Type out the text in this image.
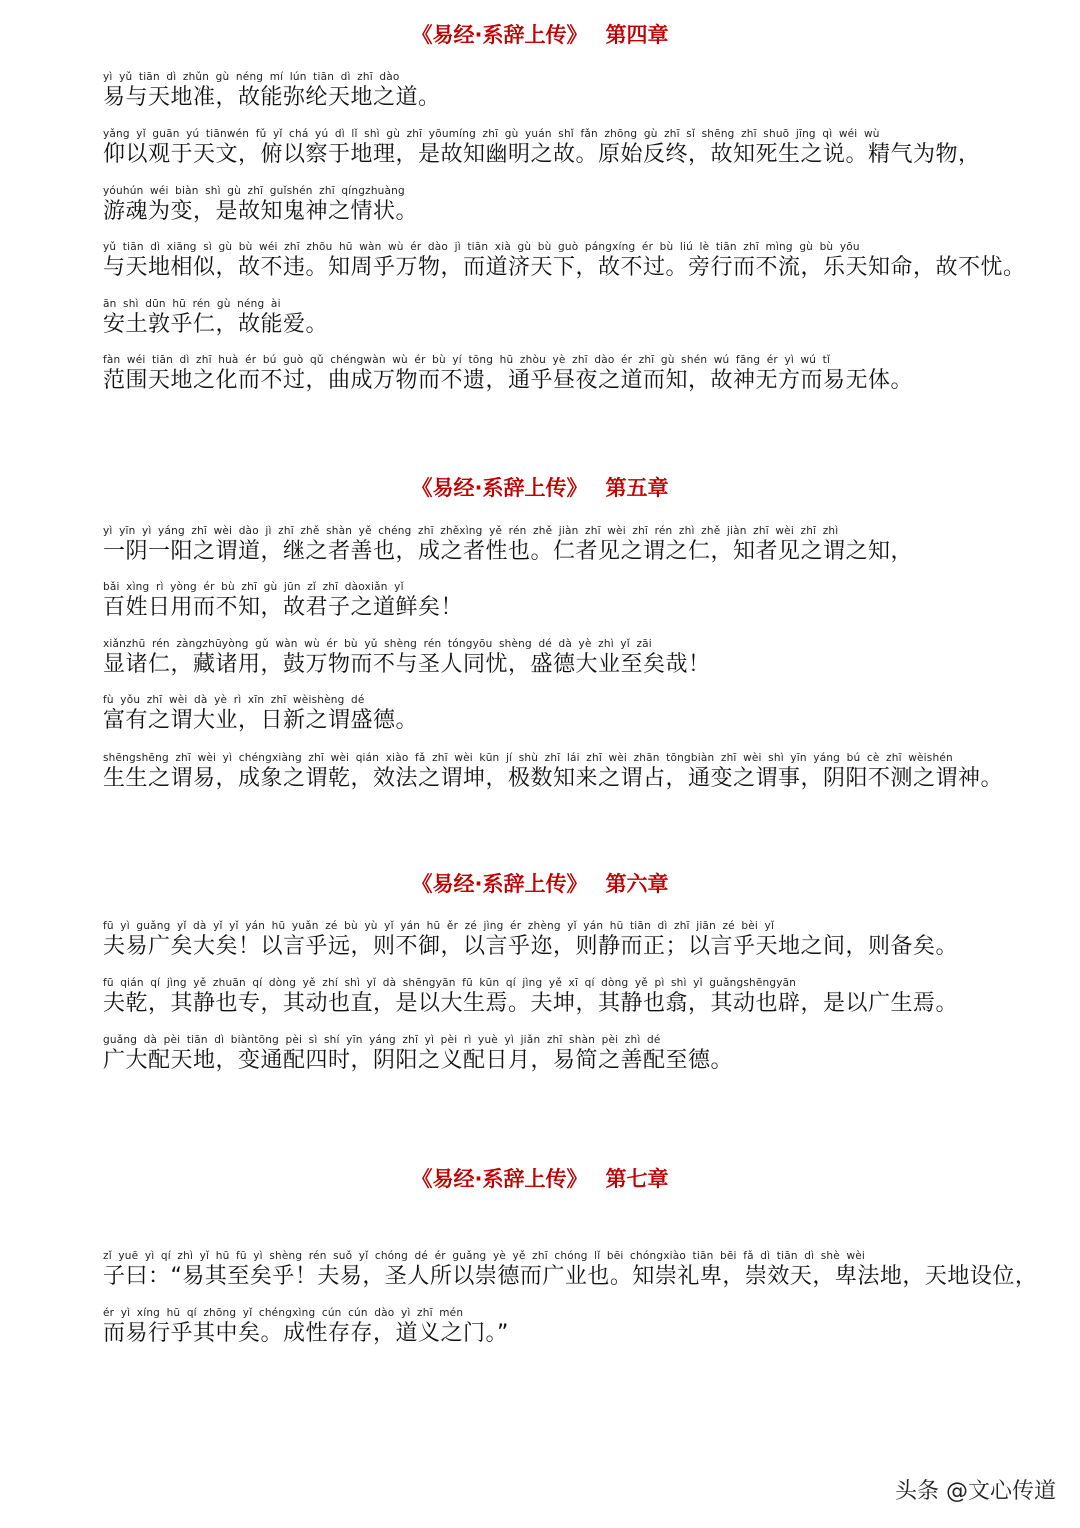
《易经·系辞上传》 第四章
yì yǔ tiān dì zhǔn gù néng mí lún tiān dì zhī dào
易与天地准，故能弥纶天地之道。
yǎng yǐ guān yú tiānwén fǔ yǐ chá yú dì lǐ shì gù zhī yōumíng zhī gù yuán shǐ fǎn zhōng gù zhī sǐ shēng zhī shuō jīng qì wéi wù
仰以观于天文，俯以察于地理，是故知幽明之故。原始反终，故知死生之说。精气为物，
yóuhún wéi biàn shì gù zhī guǐshén zhī qíngzhuàng
游魂为变，是故知鬼神之情状。
yǔ tiān dì xiāng sì gù bù wéi zhī zhōu hū wàn wù ér dào jì tiān xià gù bù guò pángxíng ér bù liú lè tiān zhī mìng gù bù yōu
与天地相似，故不违。知周乎万物，而道济天下，故不过。旁行而不流，乐天知命，故不忧。
ān shì dūn hū rén gù néng ài
安土敦乎仁，故能爱。
fàn wéi tiān dì zhī huà ér bú guò qǔ chéngwàn wù ér bù yí tōng hū zhòu yè zhī dào ér zhī gù shén wú fāng ér yì wú tǐ
范围天地之化而不过，曲成万物而不遗，通乎昼夜之道而知，故神无方而易无体。
《易经·系辞上传》 第五章
yì yīn yì yáng zhī wèi dào jì zhī zhě shàn yě chéng zhī zhěxìng yě rén zhě jiàn zhī wèi zhī rén zhì zhě jiàn zhī wèi zhī zhì
一阴一阳之谓道，继之者善也，成之者性也。仁者见之谓之仁，知者见之谓之知，
bǎi xìng rì yòng ér bù zhī gù jūn zǐ zhī dàoxiǎn yǐ
百姓日用而不知，故君子之道鲜矣！
xiǎnzhū rén zàngzhūyòng gǔ wàn wù ér bù yǔ shèng rén tóngyōu shèng dé dà yè zhì yǐ zāi
显诸仁，藏诸用，鼓万物而不与圣人同忧，盛德大业至矣哉！
fù yǒu zhī wèi dà yè rì xīn zhī wèishèng dé
富有之谓大业，日新之谓盛德。
shēngshēng zhī wèi yì chéngxiàng zhī wèi qián xiào fǎ zhī wèi kūn jí shù zhī lái zhī wèi zhān tōngbiàn zhī wèi shì yīn yáng bú cè zhī wèishén
生生之谓易，成象之谓乾，效法之谓坤，极数知来之谓占，通变之谓事，阴阳不测之谓神。
《易经·系辞上传》 第六章
fū yì guǎng yǐ dà yǐ yǐ yán hū yuǎn zé bù yù yǐ yán hū ěr zé jìng ér zhèng yǐ yán hū tiān dì zhī jiān zé bèi yǐ
夫易广矣大矣！以言乎远，则不御，以言乎迩，则静而正；以言乎天地之间，则备矣。
fū qián qí jìng yě zhuān qí dòng yě zhí shì yǐ dà shēngyān fū kūn qí jìng yě xī qí dòng yě pì shì yǐ guǎngshēngyān
夫乾，其静也专，其动也直，是以大生焉。夫坤，其静也翕，其动也辟，是以广生焉。
guǎng dà pèi tiān dì biàntōng pèi sì shí yīn yáng zhī yì pèi rì yuè yì jiǎn zhī shàn pèi zhì dé
广大配天地，变通配四时，阴阳之义配日月，易简之善配至德。
《易经·系辞上传》 第七章
zǐ yuē yì qí zhì yǐ hū fū yì shèng rén suǒ yǐ chóng dé ér guǎng yè yě zhī chóng lǐ bēi chóngxiào tiān bēi fǎ dì tiān dì shè wèi
子曰：“易其至矣乎！夫易，圣人所以崇德而广业也。知崇礼卑，崇效天，卑法地，天地设位，
ér yì xíng hū qí zhōng yǐ chéngxìng cún cún dào yì zhī mén
而易行乎其中矣。成性存存，道义之门。”
头条 @文心传道
